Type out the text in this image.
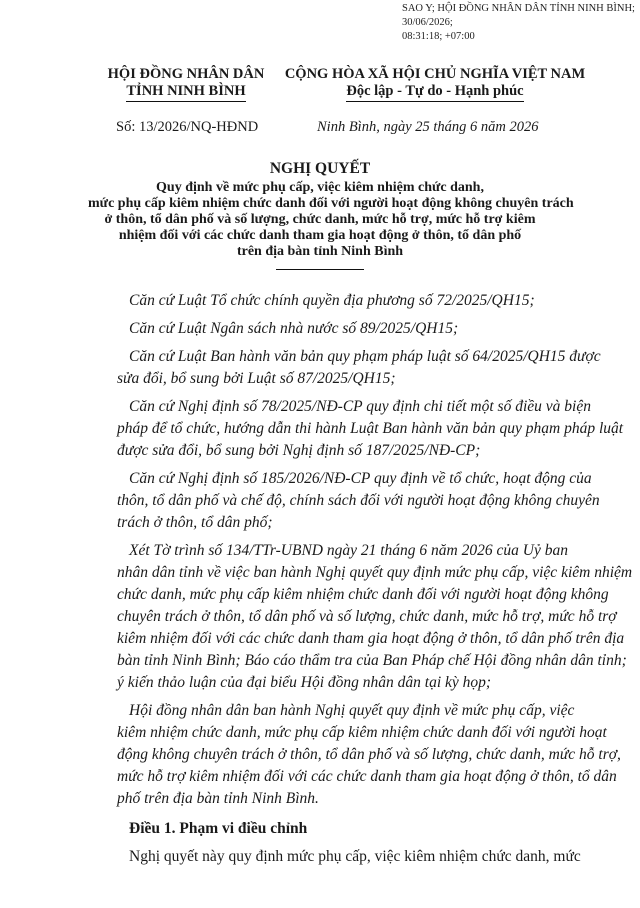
SAO Y; HỘI ĐỒNG NHÂN DÂN TỈNH NINH BÌNH; 30/06/2026;
08:31:18; +07:00
HỘI ĐỒNG NHÂN DÂN
TỈNH NINH BÌNH
CỘNG HÒA XÃ HỘI CHỦ NGHĨA VIỆT NAM
Độc lập - Tự do - Hạnh phúc
Số: 13/2026/NQ-HĐND	Ninh Bình, ngày 25 tháng 6 năm 2026
NGHỊ QUYẾT
Quy định về mức phụ cấp, việc kiêm nhiệm chức danh,
mức phụ cấp kiêm nhiệm chức danh đối với người hoạt động không chuyên trách
ở thôn, tổ dân phố và số lượng, chức danh, mức hỗ trợ, mức hỗ trợ kiêm
nhiệm đối với các chức danh tham gia hoạt động ở thôn, tổ dân phố
trên địa bàn tỉnh Ninh Bình
Căn cứ Luật Tổ chức chính quyền địa phương số 72/2025/QH15;
Căn cứ Luật Ngân sách nhà nước số 89/2025/QH15;
Căn cứ Luật Ban hành văn bản quy phạm pháp luật số 64/2025/QH15 được
sửa đổi, bổ sung bởi Luật số 87/2025/QH15;
Căn cứ Nghị định số 78/2025/NĐ-CP quy định chi tiết một số điều và biện
pháp để tổ chức, hướng dẫn thi hành Luật Ban hành văn bản quy phạm pháp luật
được sửa đổi, bổ sung bởi Nghị định số 187/2025/NĐ-CP;
Căn cứ Nghị định số 185/2026/NĐ-CP quy định về tổ chức, hoạt động của
thôn, tổ dân phố và chế độ, chính sách đối với người hoạt động không chuyên
trách ở thôn, tổ dân phố;
Xét Tờ trình số 134/TTr-UBND ngày 21 tháng 6 năm 2026 của Uỷ ban
nhân dân tỉnh về việc ban hành Nghị quyết quy định mức phụ cấp, việc kiêm nhiệm
chức danh, mức phụ cấp kiêm nhiệm chức danh đối với người hoạt động không
chuyên trách ở thôn, tổ dân phố và số lượng, chức danh, mức hỗ trợ, mức hỗ trợ
kiêm nhiệm đối với các chức danh tham gia hoạt động ở thôn, tổ dân phố trên địa
bàn tỉnh Ninh Bình; Báo cáo thẩm tra của Ban Pháp chế Hội đồng nhân dân tỉnh;
ý kiến thảo luận của đại biểu Hội đồng nhân dân tại kỳ họp;
Hội đồng nhân dân ban hành Nghị quyết quy định về mức phụ cấp, việc
kiêm nhiệm chức danh, mức phụ cấp kiêm nhiệm chức danh đối với người hoạt
động không chuyên trách ở thôn, tổ dân phố và số lượng, chức danh, mức hỗ trợ,
mức hỗ trợ kiêm nhiệm đối với các chức danh tham gia hoạt động ở thôn, tổ dân
phố trên địa bàn tỉnh Ninh Bình.
Điều 1. Phạm vi điều chỉnh

Nghị quyết này quy định mức phụ cấp, việc kiêm nhiệm chức danh, mức
